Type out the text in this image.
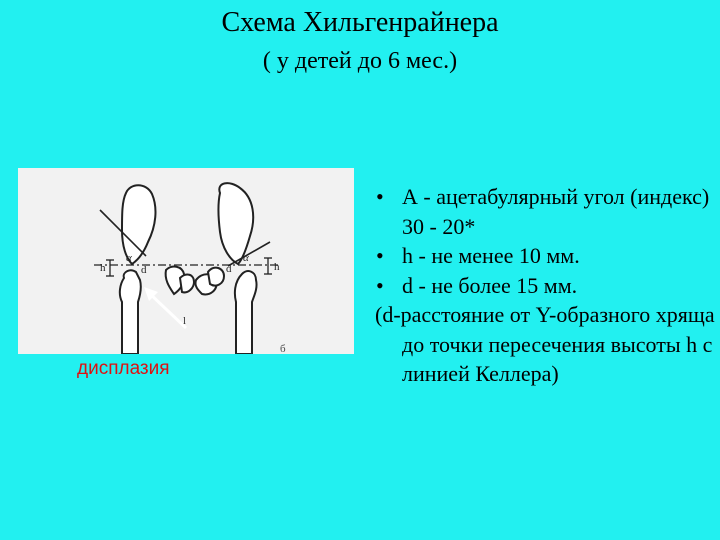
Схема Хильгенрайнера
( у детей до 6 мес.)
l
б
α	α
h	h
d	d
дисплазия
• А - ацетабулярный угол (индекс) 30 - 20*
• h - не менее 10 мм.
• d - не более 15 мм.
(d-расстояние от Y-образного хряща до точки пересечения высоты h с линией Келлера)
